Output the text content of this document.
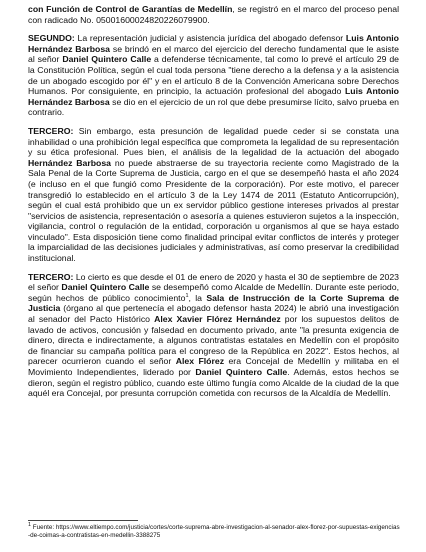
con Función de Control de Garantías de Medellín, se registró en el marco del proceso penal con radicado No. 05001600024820226079900.

SEGUNDO: La representación judicial y asistencia jurídica del abogado defensor Luis Antonio Hernández Barbosa se brindó en el marco del ejercicio del derecho fundamental que le asiste al señor Daniel Quintero Calle a defenderse técnicamente, tal como lo prevé el artículo 29 de la Constitución Política, según el cual toda persona "tiene derecho a la defensa y a la asistencia de un abogado escogido por él" y en el artículo 8 de la Convención Americana sobre Derechos Humanos. Por consiguiente, en principio, la actuación profesional del abogado Luis Antonio Hernández Barbosa se dio en el ejercicio de un rol que debe presumirse lícito, salvo prueba en contrario.

TERCERO: Sin embargo, esta presunción de legalidad puede ceder si se constata una inhabilidad o una prohibición legal específica que comprometa la legalidad de su representación y su ética profesional. Pues bien, el análisis de la legalidad de la actuación del abogado Hernández Barbosa no puede abstraerse de su trayectoria reciente como Magistrado de la Sala Penal de la Corte Suprema de Justicia, cargo en el que se desempeñó hasta el año 2024 (e incluso en el que fungió como Presidente de la corporación). Por este motivo, el parecer transgredió lo establecido en el artículo 3 de la Ley 1474 de 2011 (Estatuto Anticorrupción), según el cual está prohibido que un ex servidor público gestione intereses privados al prestar "servicios de asistencia, representación o asesoría a quienes estuvieron sujetos a la inspección, vigilancia, control o regulación de la entidad, corporación u organismos al que se haya estado vinculado". Esta disposición tiene como finalidad principal evitar conflictos de interés y proteger la imparcialidad de las decisiones judiciales y administrativas, así como preservar la credibilidad institucional.

TERCERO: Lo cierto es que desde el 01 de enero de 2020 y hasta el 30 de septiembre de 2023 el señor Daniel Quintero Calle se desempeñó como Alcalde de Medellín. Durante este periodo, según hechos de público conocimiento$^1$, la Sala de Instrucción de la Corte Suprema de Justicia (órgano al que pertenecía el abogado defensor hasta 2024) le abrió una investigación al senador del Pacto Histórico Alex Xavier Flórez Hernández por los supuestos delitos de lavado de activos, concusión y falsedad en documento privado, ante "la presunta exigencia de dinero, directa e indirectamente, a algunos contratistas estatales en Medellín con el propósito de financiar su campaña política para el congreso de la República en 2022". Estos hechos, al parecer ocurrieron cuando el señor Alex Flórez era Concejal de Medellín y militaba en el Movimiento Independientes, liderado por Daniel Quintero Calle. Además, estos hechos se dieron, según el registro público, cuando este último fungía como Alcalde de la ciudad de la que aquél era Concejal, por presunta corrupción cometida con recursos de la Alcaldía de Medellín.

$^1$ Fuente: https://www.eltiempo.com/justicia/cortes/corte-suprema-abre-investigacion-al-senador-alex-florez-por-supuestas-exigencias-de-coimas-a-contratistas-en-medellin-3388275
